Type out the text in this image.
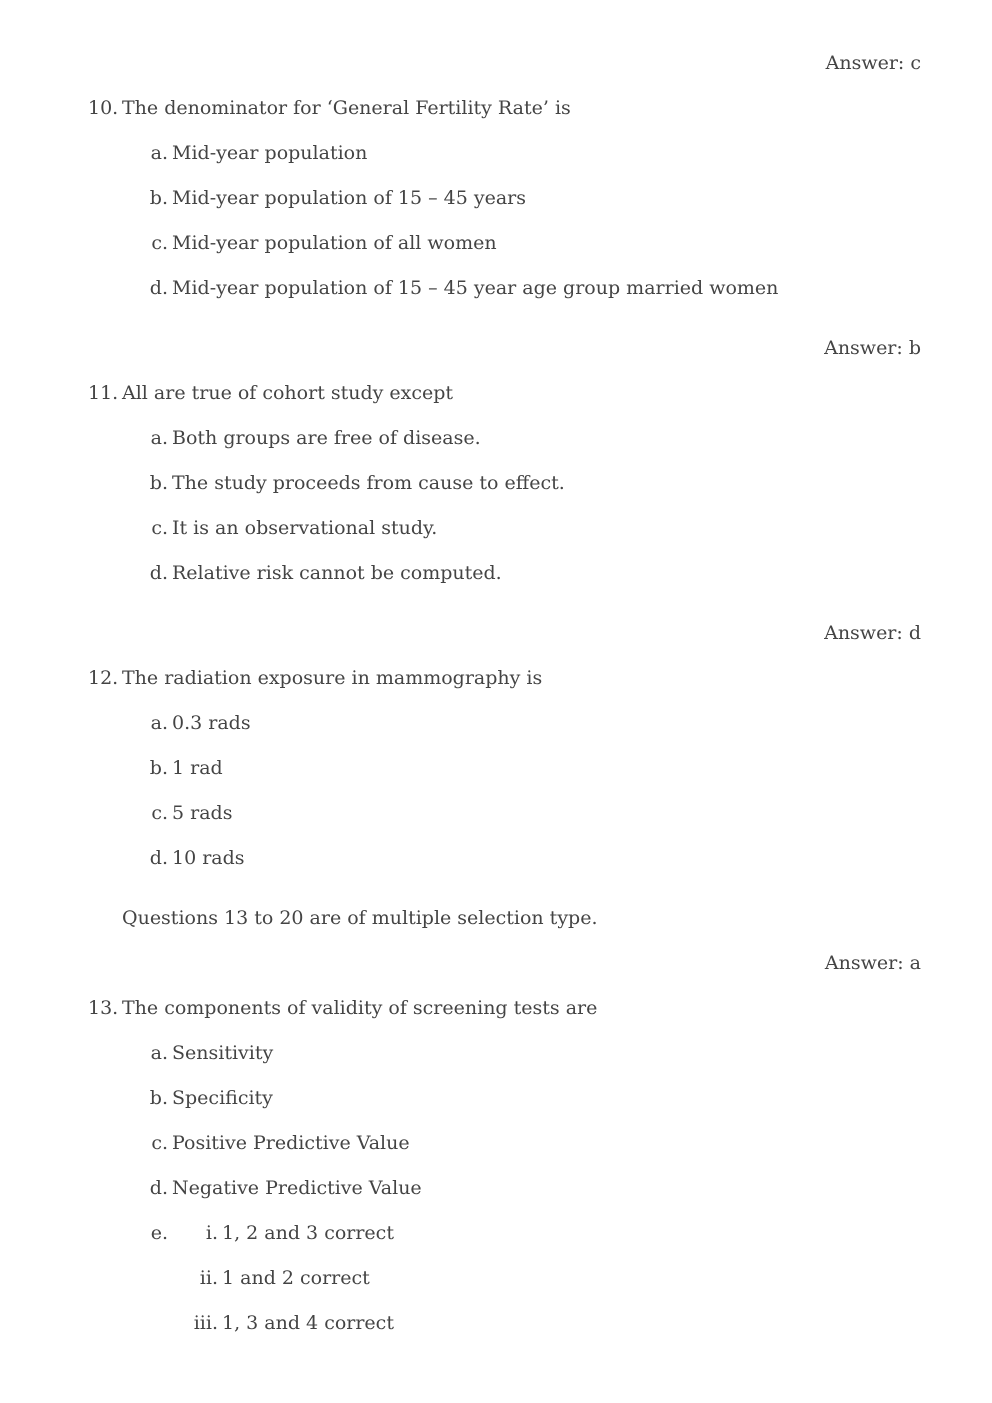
Answer: c
10. The denominator for ‘General Fertility Rate’ is
a. Mid-year population
b. Mid-year population of 15 – 45 years
c. Mid-year population of all women
d. Mid-year population of 15 – 45 year age group married women
Answer: b
11. All are true of cohort study except
a. Both groups are free of disease.
b. The study proceeds from cause to effect.
c. It is an observational study.
d. Relative risk cannot be computed.
Answer: d
12. The radiation exposure in mammography is
a. 0.3 rads
b. 1 rad
c. 5 rads
d. 10 rads
Questions 13 to 20 are of multiple selection type.
Answer: a
13. The components of validity of screening tests are
a. Sensitivity
b. Specificity
c. Positive Predictive Value
d. Negative Predictive Value
e.	i. 1, 2 and 3 correct
ii. 1 and 2 correct
iii. 1, 3 and 4 correct
